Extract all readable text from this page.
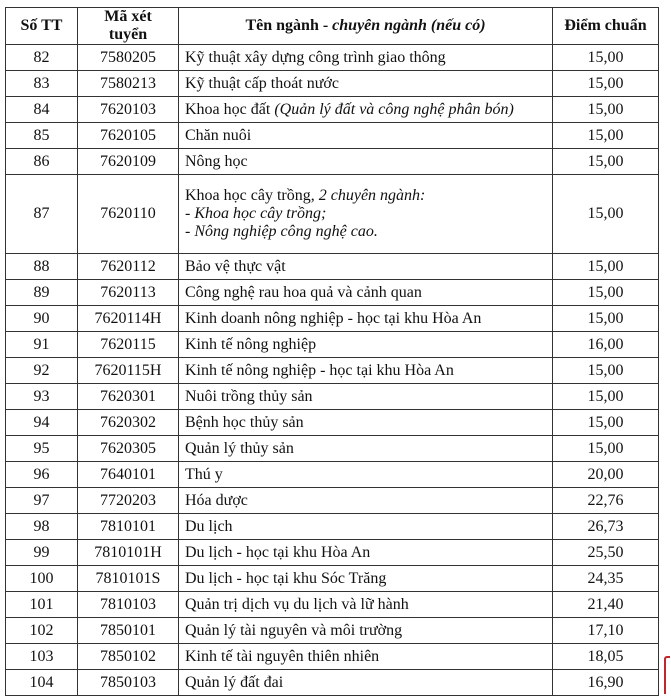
Số TT	Mã xét tuyển	Tên ngành - chuyên ngành (nếu có)	Điểm chuẩn
82	7580205	Kỹ thuật xây dựng công trình giao thông	15,00
83	7580213	Kỹ thuật cấp thoát nước	15,00
84	7620103	Khoa học đất (Quản lý đất và công nghệ phân bón)	15,00
85	7620105	Chăn nuôi	15,00
86	7620109	Nông học	15,00
87	7620110	Khoa học cây trồng, 2 chuyên ngành:
- Khoa học cây trồng;
- Nông nghiệp công nghệ cao.	15,00
88	7620112	Bảo vệ thực vật	15,00
89	7620113	Công nghệ rau hoa quả và cảnh quan	15,00
90	7620114H	Kinh doanh nông nghiệp - học tại khu Hòa An	15,00
91	7620115	Kinh tế nông nghiệp	16,00
92	7620115H	Kinh tế nông nghiệp - học tại khu Hòa An	15,00
93	7620301	Nuôi trồng thủy sản	15,00
94	7620302	Bệnh học thủy sản	15,00
95	7620305	Quản lý thủy sản	15,00
96	7640101	Thú y	20,00
97	7720203	Hóa dược	22,76
98	7810101	Du lịch	26,73
99	7810101H	Du lịch - học tại khu Hòa An	25,50
100	7810101S	Du lịch - học tại khu Sóc Trăng	24,35
101	7810103	Quản trị dịch vụ du lịch và lữ hành	21,40
102	7850101	Quản lý tài nguyên và môi trường	17,10
103	7850102	Kinh tế tài nguyên thiên nhiên	18,05
104	7850103	Quản lý đất đai	16,90
